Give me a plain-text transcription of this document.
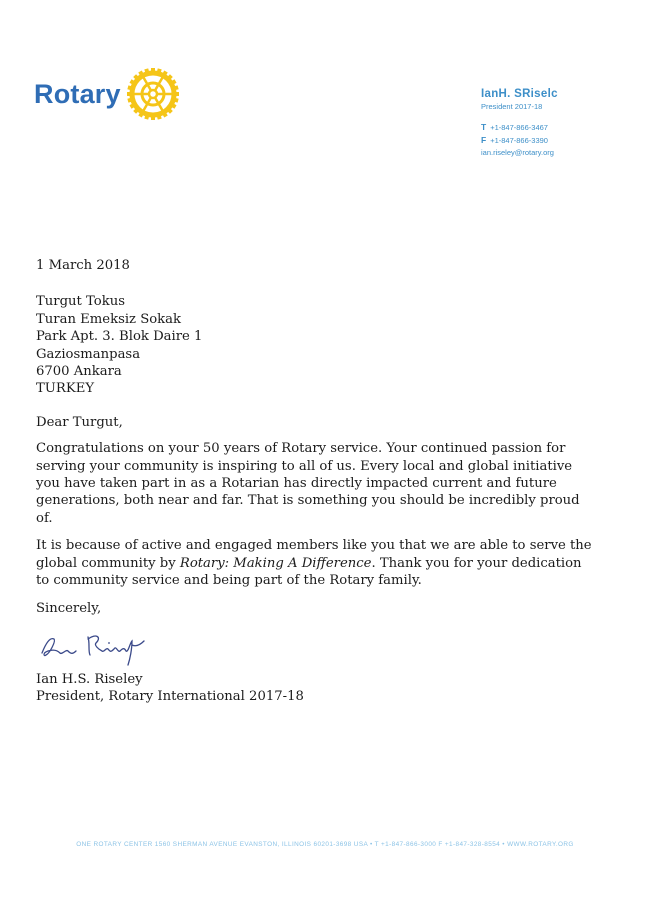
Rotary	IanH. SRiselc
President 2017-18
T +1-847-866-3467
F +1-847-866-3390
ian.riseley@rotary.org

1 March 2018

Turgut Tokus
Turan Emeksiz Sokak
Park Apt. 3. Blok Daire 1
Gaziosmanpasa
6700 Ankara
TURKEY

Dear Turgut,

Congratulations on your 50 years of Rotary service. Your continued passion for serving your community is inspiring to all of us. Every local and global initiative you have taken part in as a Rotarian has directly impacted current and future generations, both near and far. That is something you should be incredibly proud of.

It is because of active and engaged members like you that we are able to serve the global community by Rotary: Making A Difference. Thank you for your dedication to community service and being part of the Rotary family.

Sincerely,

Ian H.S. Riseley

President, Rotary International 2017-18

ONE ROTARY CENTER 1560 SHERMAN AVENUE EVANSTON, ILLINOIS 60201-3698 USA • T +1-847-866-3000 F +1-847-328-8554 • WWW.ROTARY.ORG
